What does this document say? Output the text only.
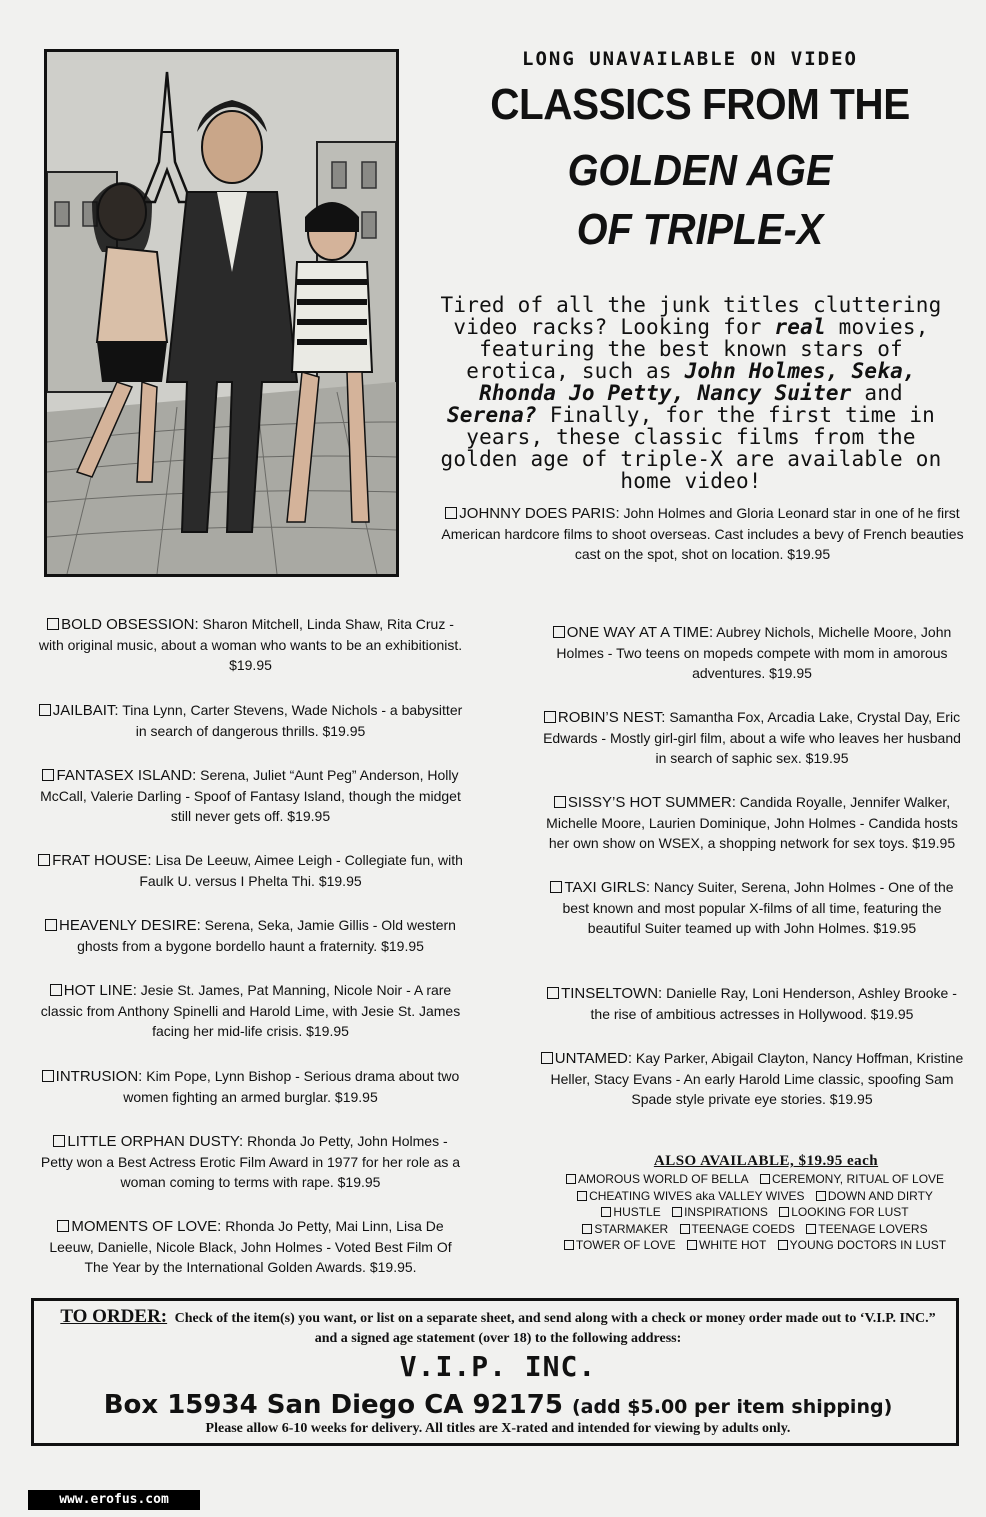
LONG UNAVAILABLE ON VIDEO
CLASSICS FROM THE
GOLDEN AGE
OF TRIPLE-X
Tired of all the junk titles cluttering video racks? Looking for real movies, featuring the best known stars of erotica, such as John Holmes, Seka, Rhonda Jo Petty, Nancy Suiter and Serena? Finally, for the first time in years, these classic films from the golden age of triple-X are available on home video!
JOHNNY DOES PARIS: John Holmes and Gloria Leonard star in one of he first American hardcore films to shoot overseas. Cast includes a bevy of French beauties cast on the spot, shot on location. $19.95
BOLD OBSESSION: Sharon Mitchell, Linda Shaw, Rita Cruz - with original music, about a woman who wants to be an exhibitionist. $19.95
JAILBAIT: Tina Lynn, Carter Stevens, Wade Nichols - a babysitter in search of dangerous thrills. $19.95
FANTASEX ISLAND: Serena, Juliet “Aunt Peg” Anderson, Holly McCall, Valerie Darling - Spoof of Fantasy Island, though the midget still never gets off. $19.95
FRAT HOUSE: Lisa De Leeuw, Aimee Leigh - Collegiate fun, with Faulk U. versus I Phelta Thi. $19.95
HEAVENLY DESIRE: Serena, Seka, Jamie Gillis - Old western ghosts from a bygone bordello haunt a fraternity. $19.95
HOT LINE: Jesie St. James, Pat Manning, Nicole Noir - A rare classic from Anthony Spinelli and Harold Lime, with Jesie St. James facing her mid-life crisis. $19.95
INTRUSION: Kim Pope, Lynn Bishop - Serious drama about two women fighting an armed burglar. $19.95
LITTLE ORPHAN DUSTY: Rhonda Jo Petty, John Holmes - Petty won a Best Actress Erotic Film Award in 1977 for her role as a woman coming to terms with rape. $19.95
MOMENTS OF LOVE: Rhonda Jo Petty, Mai Linn, Lisa De Leeuw, Danielle, Nicole Black, John Holmes - Voted Best Film Of The Year by the International Golden Awards. $19.95.
ONE WAY AT A TIME: Aubrey Nichols, Michelle Moore, John Holmes - Two teens on mopeds compete with mom in amorous adventures. $19.95
ROBIN’S NEST: Samantha Fox, Arcadia Lake, Crystal Day, Eric Edwards - Mostly girl-girl film, about a wife who leaves her husband in search of saphic sex. $19.95
SISSY’S HOT SUMMER: Candida Royalle, Jennifer Walker, Michelle Moore, Laurien Dominique, John Holmes - Candida hosts her own show on WSEX, a shopping network for sex toys. $19.95
TAXI GIRLS: Nancy Suiter, Serena, John Holmes - One of the best known and most popular X-films of all time, featuring the beautiful Suiter teamed up with John Holmes. $19.95
TINSELTOWN: Danielle Ray, Loni Henderson, Ashley Brooke - the rise of ambitious actresses in Hollywood. $19.95
UNTAMED: Kay Parker, Abigail Clayton, Nancy Hoffman, Kristine Heller, Stacy Evans - An early Harold Lime classic, spoofing Sam Spade style private eye stories. $19.95
ALSO AVAILABLE, $19.95 each
AMOROUS WORLD OF BELLA CEREMONY, RITUAL OF LOVE
CHEATING WIVES aka VALLEY WIVES DOWN AND DIRTY
HUSTLE INSPIRATIONS LOOKING FOR LUST
STARMAKER TEENAGE COEDS TEENAGE LOVERS
TOWER OF LOVE WHITE HOT YOUNG DOCTORS IN LUST
TO ORDER: Check of the item(s) you want, or list on a separate sheet, and send along with a check or money order made out to ‘V.I.P. INC.” and a signed age statement (over 18) to the following address:
V.I.P. INC.
Box 15934 San Diego CA 92175 (add $5.00 per item shipping)
Please allow 6-10 weeks for delivery. All titles are X-rated and intended for viewing by adults only.
www.erofus.com
